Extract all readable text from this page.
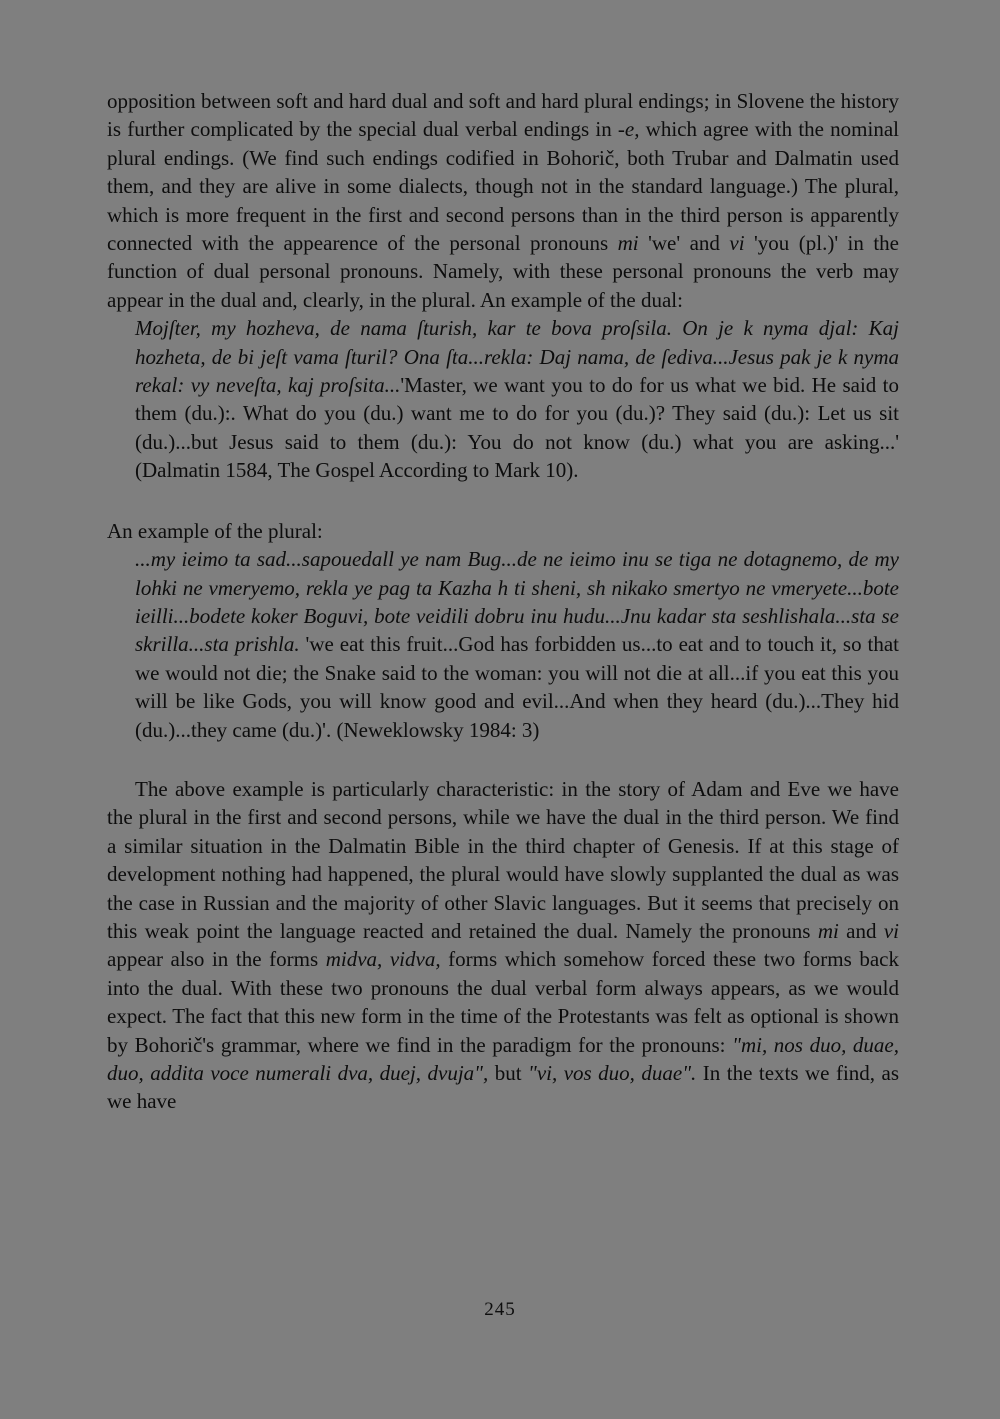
opposition between soft and hard dual and soft and hard plural endings; in Slovene the history is further complicated by the special dual verbal endings in -e, which agree with the nominal plural endings. (We find such endings codified in Bohorič, both Trubar and Dalmatin used them, and they are alive in some dialects, though not in the standard language.) The plural, which is more frequent in the first and second persons than in the third person is apparently connected with the appearence of the personal pronouns mi 'we' and vi 'you (pl.)' in the function of dual personal pronouns. Namely, with these personal pronouns the verb may appear in the dual and, clearly, in the plural. An example of the dual:

Mojſter, my hozheva, de nama ſturish, kar te bova proſsila. On je k nyma djal: Kaj hozheta, de bi jeſt vama ſturil? Ona ſta...rekla: Daj nama, de ſediva...Jesus pak je k nyma rekal: vy neveſta, kaj proſsita...'Master, we want you to do for us what we bid. He said to them (du.):. What do you (du.) want me to do for you (du.)? They said (du.): Let us sit (du.)...but Jesus said to them (du.): You do not know (du.) what you are asking...' (Dalmatin 1584, The Gospel According to Mark 10).

An example of the plural:

...my ieimo ta sad...sapouedall ye nam Bug...de ne ieimo inu se tiga ne dotagnemo, de my lohki ne vmeryemo, rekla ye pag ta Kazha h ti sheni, sh nikako smertyo ne vmeryete...bote ieilli...bodete koker Boguvi, bote veidili dobru inu hudu...Jnu kadar sta seshlishala...sta se skrilla...sta prishla. 'we eat this fruit...God has forbidden us...to eat and to touch it, so that we would not die; the Snake said to the woman: you will not die at all...if you eat this you will be like Gods, you will know good and evil...And when they heard (du.)...They hid (du.)...they came (du.)'. (Neweklowsky 1984: 3)

The above example is particularly characteristic: in the story of Adam and Eve we have the plural in the first and second persons, while we have the dual in the third person. We find a similar situation in the Dalmatin Bible in the third chapter of Genesis. If at this stage of development nothing had happened, the plural would have slowly supplanted the dual as was the case in Russian and the majority of other Slavic languages. But it seems that precisely on this weak point the language reacted and retained the dual. Namely the pronouns mi and vi appear also in the forms midva, vidva, forms which somehow forced these two forms back into the dual. With these two pronouns the dual verbal form always appears, as we would expect. The fact that this new form in the time of the Protestants was felt as optional is shown by Bohorič's grammar, where we find in the paradigm for the pronouns: "mi, nos duo, duae, duo, addita voce numerali dva, duej, dvuja", but "vi, vos duo, duae". In the texts we find, as we have

245
